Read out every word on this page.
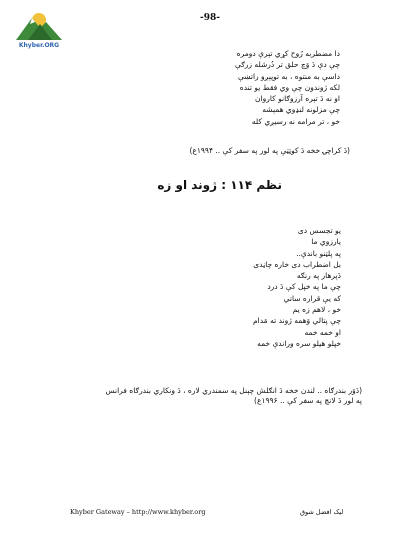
-98-
Khyber.ORG
دا مضطربه رُوح کړي تېرې دومره
چې دې دَ وَچ حلق تر دُرشله زرګې
داسې به منتوه ، به توپېږو راتښې
لکه ژوندون چې وي فقط يو تنده
او نه دَ تېره آرزوګانو کاروان
چې مزلونه لنډوي همېشه
خو ، تر مرامه نه رسيږي کله
(دَ کراچۍ خخه دَ کوټټې په لور په سفر کې .. ۱۹۹۴ع)
نظم ۱۱۴ : ژوند او زه
يو تجسس دی
يارزوي ما
په پلټنو باندې..
بل اضطراب دی خاره چاڼدی
دَپرهار په رنګه
چې ما په خپل کې دَ درد
که يې قراره ساتي
خو ، لاهم زه يم
چې پتالي وَهمه ژوند ته مَدام
او خمه خمه
خپلو هيلو سره وراندې خمه
(دَوَر بندرګاه .. لندن خخه دَ انګلش چېنل په سمندري لاره ، دَ ونکاري بندرګاه فرانس
په لور دَ لانچ په سفر کې .. ۱۹۹۶ع)
Khyber Gateway – http://www.khyber.org	ليک افضل شوق
